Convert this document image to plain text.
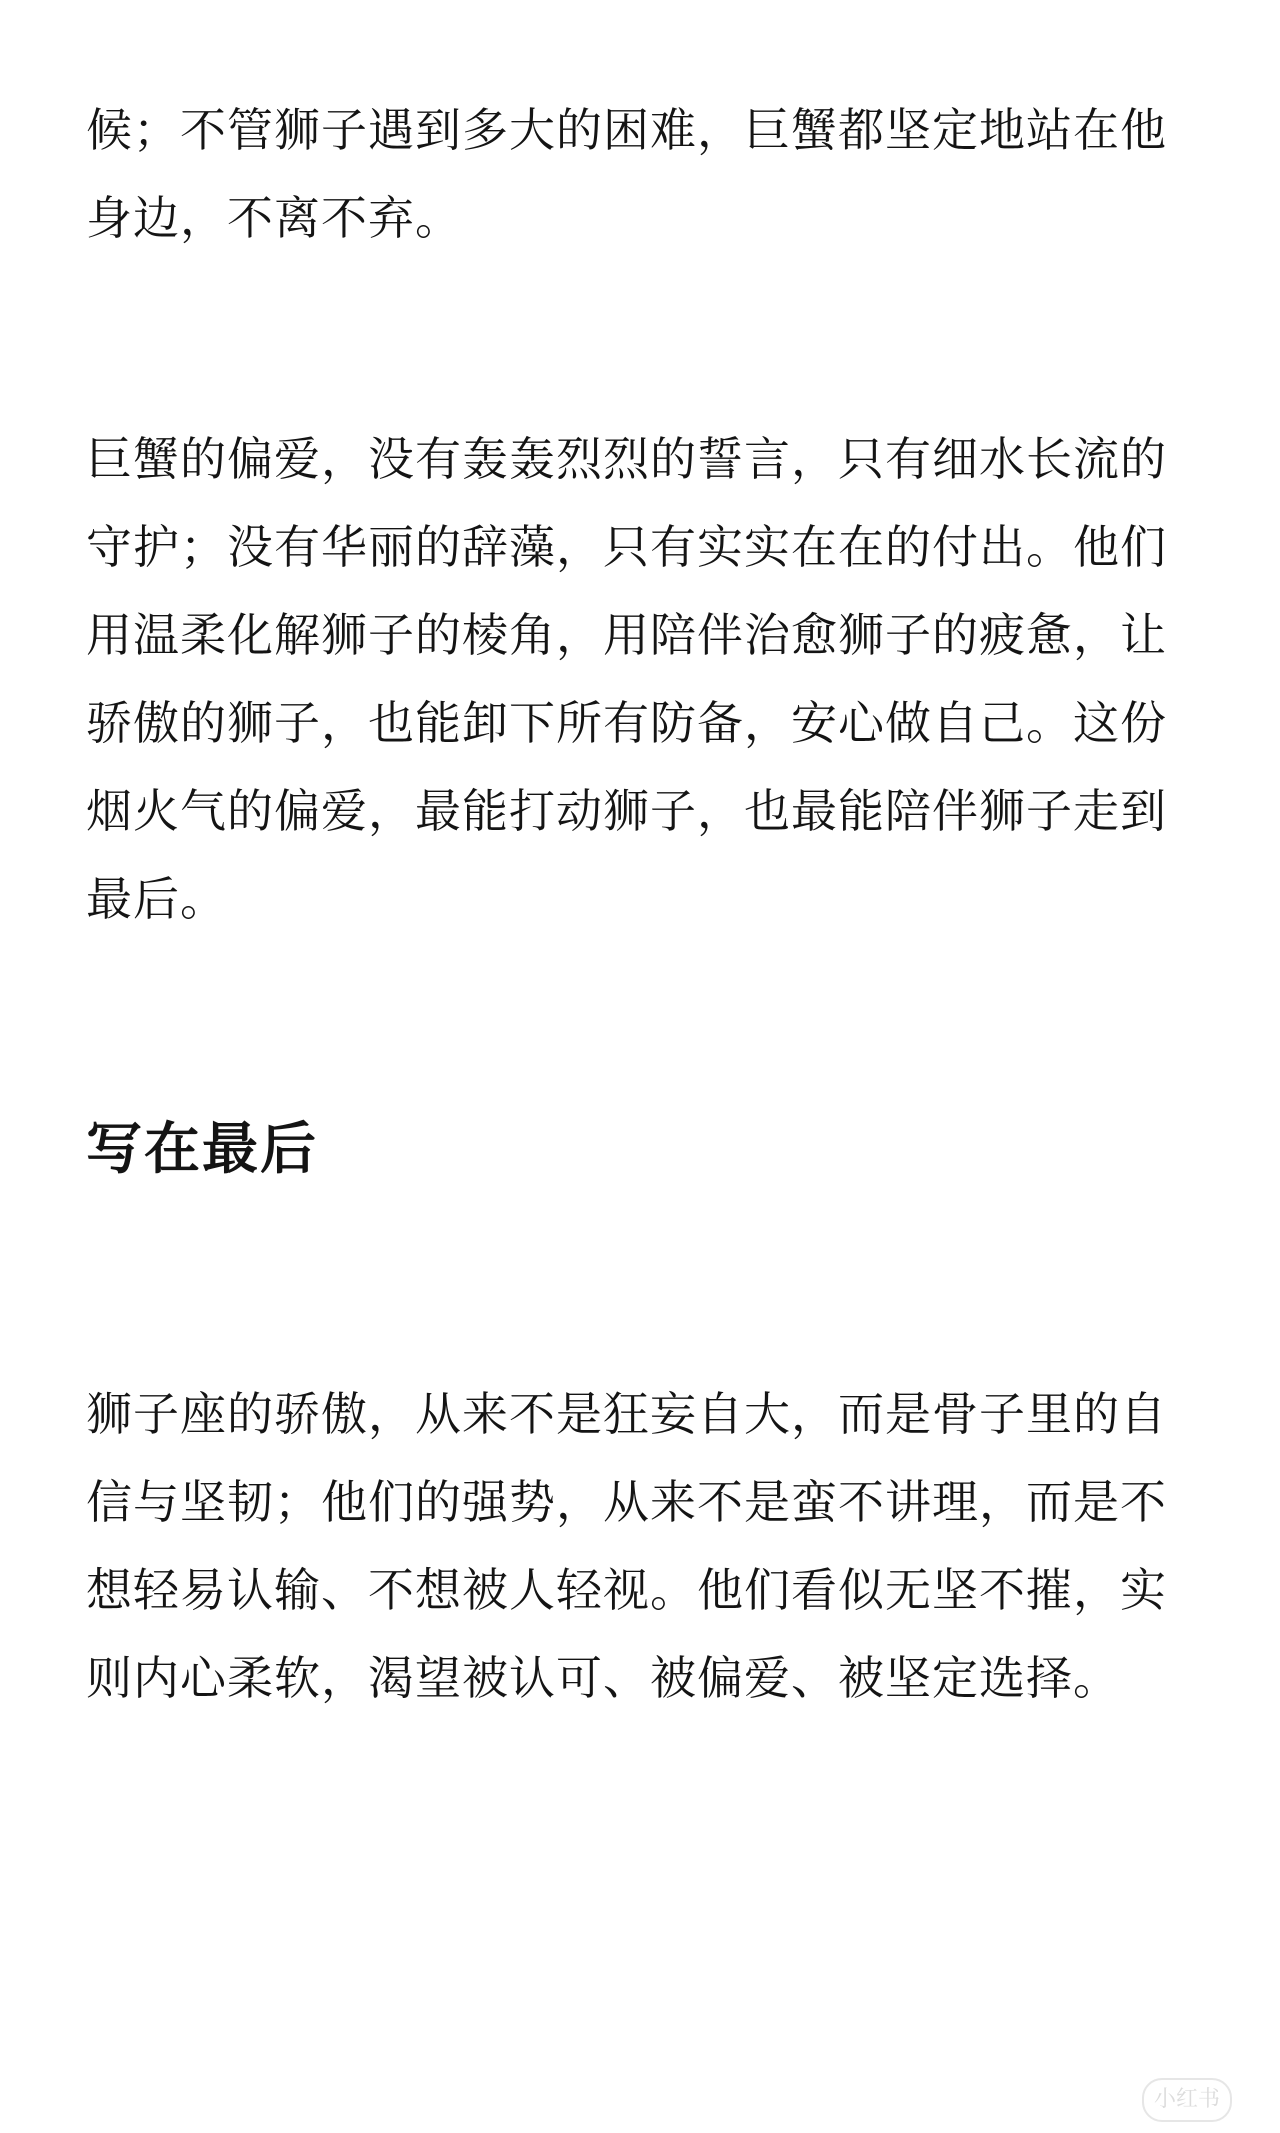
候；不管狮子遇到多大的困难，巨蟹都坚定地站在他身边，不离不弃。

巨蟹的偏爱，没有轰轰烈烈的誓言，只有细水长流的守护；没有华丽的辞藻，只有实实在在的付出。他们用温柔化解狮子的棱角，用陪伴治愈狮子的疲惫，让骄傲的狮子，也能卸下所有防备，安心做自己。这份烟火气的偏爱，最能打动狮子，也最能陪伴狮子走到最后。

写在最后

狮子座的骄傲，从来不是狂妄自大，而是骨子里的自信与坚韧；他们的强势，从来不是蛮不讲理，而是不想轻易认输、不想被人轻视。他们看似无坚不摧，实则内心柔软，渴望被认可、被偏爱、被坚定选择。

小红书
